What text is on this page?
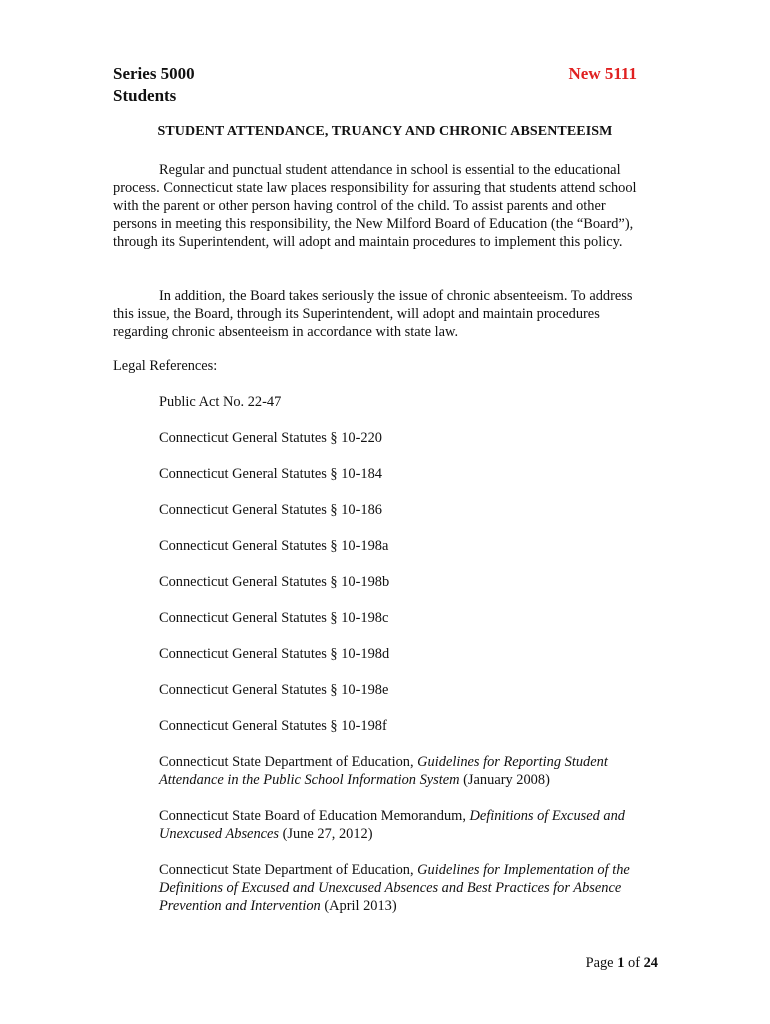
Series 5000
Students
New 5111
STUDENT ATTENDANCE, TRUANCY AND CHRONIC ABSENTEEISM

Regular and punctual student attendance in school is essential to the educational process. Connecticut state law places responsibility for assuring that students attend school with the parent or other person having control of the child. To assist parents and other persons in meeting this responsibility, the New Milford Board of Education (the “Board”), through its Superintendent, will adopt and maintain procedures to implement this policy.

In addition, the Board takes seriously the issue of chronic absenteeism. To address this issue, the Board, through its Superintendent, will adopt and maintain procedures regarding chronic absenteeism in accordance with state law.

Legal References:
Public Act No. 22-47
Connecticut General Statutes § 10-220
Connecticut General Statutes § 10-184
Connecticut General Statutes § 10-186
Connecticut General Statutes § 10-198a
Connecticut General Statutes § 10-198b
Connecticut General Statutes § 10-198c
Connecticut General Statutes § 10-198d
Connecticut General Statutes § 10-198e
Connecticut General Statutes § 10-198f
Connecticut State Department of Education, Guidelines for Reporting Student Attendance in the Public School Information System (January 2008)
Connecticut State Board of Education Memorandum, Definitions of Excused and Unexcused Absences (June 27, 2012)
Connecticut State Department of Education, Guidelines for Implementation of the Definitions of Excused and Unexcused Absences and Best Practices for Absence Prevention and Intervention (April 2013)
Page 1 of 24
